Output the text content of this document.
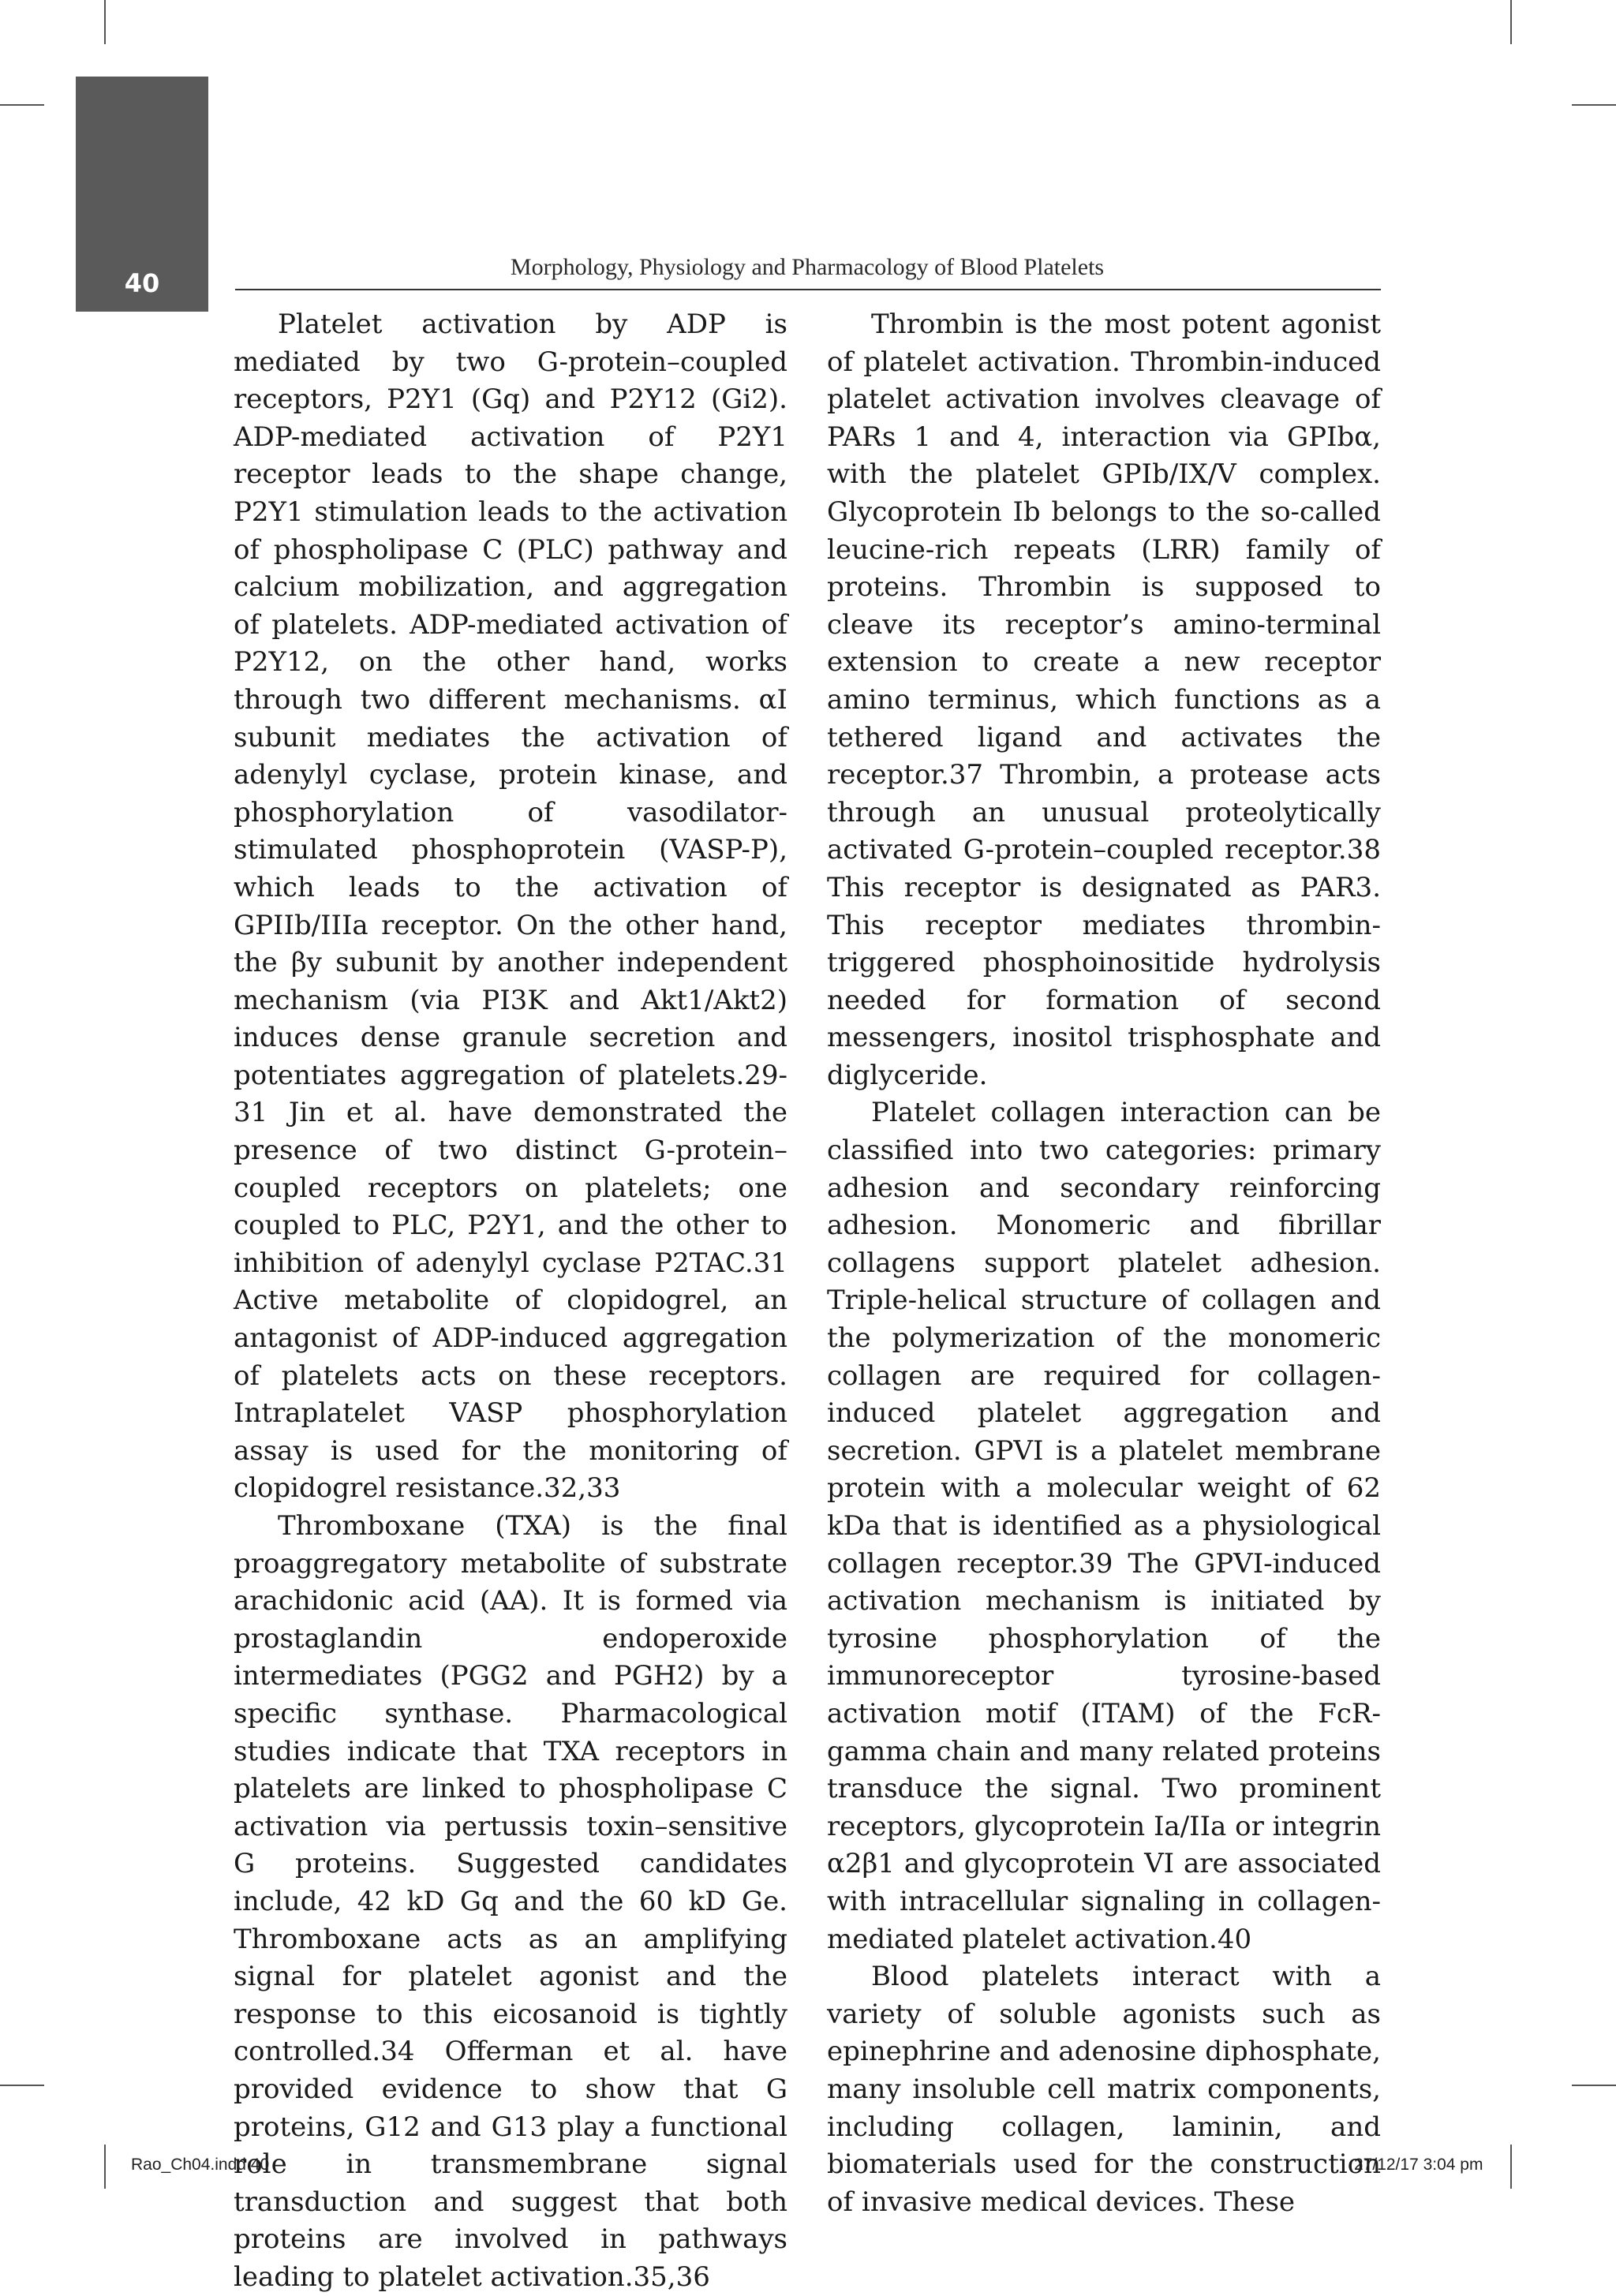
40
Morphology, Physiology and Pharmacology of Blood Platelets

Platelet activation by ADP is mediated by two G-protein–coupled receptors, P2Y1 (Gq) and P2Y12 (Gi2). ADP-mediated activation of P2Y1 receptor leads to the shape change, P2Y1 stimulation leads to the activation of phospholipase C (PLC) pathway and calcium mobilization, and aggregation of platelets. ADP-mediated activation of P2Y12, on the other hand, works through two different mechanisms. αI subunit mediates the activation of adenylyl cyclase, protein kinase, and phosphorylation of vasodilator-stimulated phosphoprotein (VASP-P), which leads to the activation of GPIIb/IIIa receptor. On the other hand, the βy subunit by another independent mechanism (via PI3K and Akt1/Akt2) induces dense granule secretion and potentiates aggregation of platelets.29-31 Jin et al. have demonstrated the presence of two distinct G-protein–coupled receptors on platelets; one coupled to PLC, P2Y1, and the other to inhibition of adenylyl cyclase P2TAC.31 Active metabolite of clopidogrel, an antagonist of ADP-induced aggregation of platelets acts on these receptors. Intraplatelet VASP phosphorylation assay is used for the monitoring of clopidogrel resistance.32,33

Thromboxane (TXA) is the final proaggregatory metabolite of substrate arachidonic acid (AA). It is formed via prostaglandin endoperoxide intermediates (PGG2 and PGH2) by a specific synthase. Pharmacological studies indicate that TXA receptors in platelets are linked to phospholipase C activation via pertussis toxin–sensitive G proteins. Suggested candidates include, 42 kD Gq and the 60 kD Ge. Thromboxane acts as an amplifying signal for platelet agonist and the response to this eicosanoid is tightly controlled.34 Offerman et al. have provided evidence to show that G proteins, G12 and G13 play a functional role in transmembrane signal transduction and suggest that both proteins are involved in pathways leading to platelet activation.35,36

Thrombin is the most potent agonist of platelet activation. Thrombin-induced platelet activation involves cleavage of PARs 1 and 4, interaction via GPIbα, with the platelet GPIb/IX/V complex. Glycoprotein Ib belongs to the so-called leucine-rich repeats (LRR) family of proteins. Thrombin is supposed to cleave its receptor’s amino-terminal extension to create a new receptor amino terminus, which functions as a tethered ligand and activates the receptor.37 Thrombin, a protease acts through an unusual proteolytically activated G-protein–coupled receptor.38 This receptor is designated as PAR3. This receptor mediates thrombin-triggered phosphoinositide hydrolysis needed for formation of second messengers, inositol trisphosphate and diglyceride.

Platelet collagen interaction can be classified into two categories: primary adhesion and secondary reinforcing adhesion. Monomeric and fibrillar collagens support platelet adhesion. Triple-helical structure of collagen and the polymerization of the monomeric collagen are required for collagen-induced platelet aggregation and secretion. GPVI is a platelet membrane protein with a molecular weight of 62 kDa that is identified as a physiological collagen receptor.39 The GPVI-induced activation mechanism is initiated by tyrosine phosphorylation of the immunoreceptor tyrosine-based activation motif (ITAM) of the FcR-gamma chain and many related proteins transduce the signal. Two prominent receptors, glycoprotein Ia/IIa or integrin α2β1 and glycoprotein VI are associated with intracellular signaling in collagen-mediated platelet activation.40

Blood platelets interact with a variety of soluble agonists such as epinephrine and adenosine diphosphate, many insoluble cell matrix components, including collagen, laminin, and biomaterials used for the construction of invasive medical devices. These

Rao_Ch04.indd 40	27/12/17 3:04 pm
